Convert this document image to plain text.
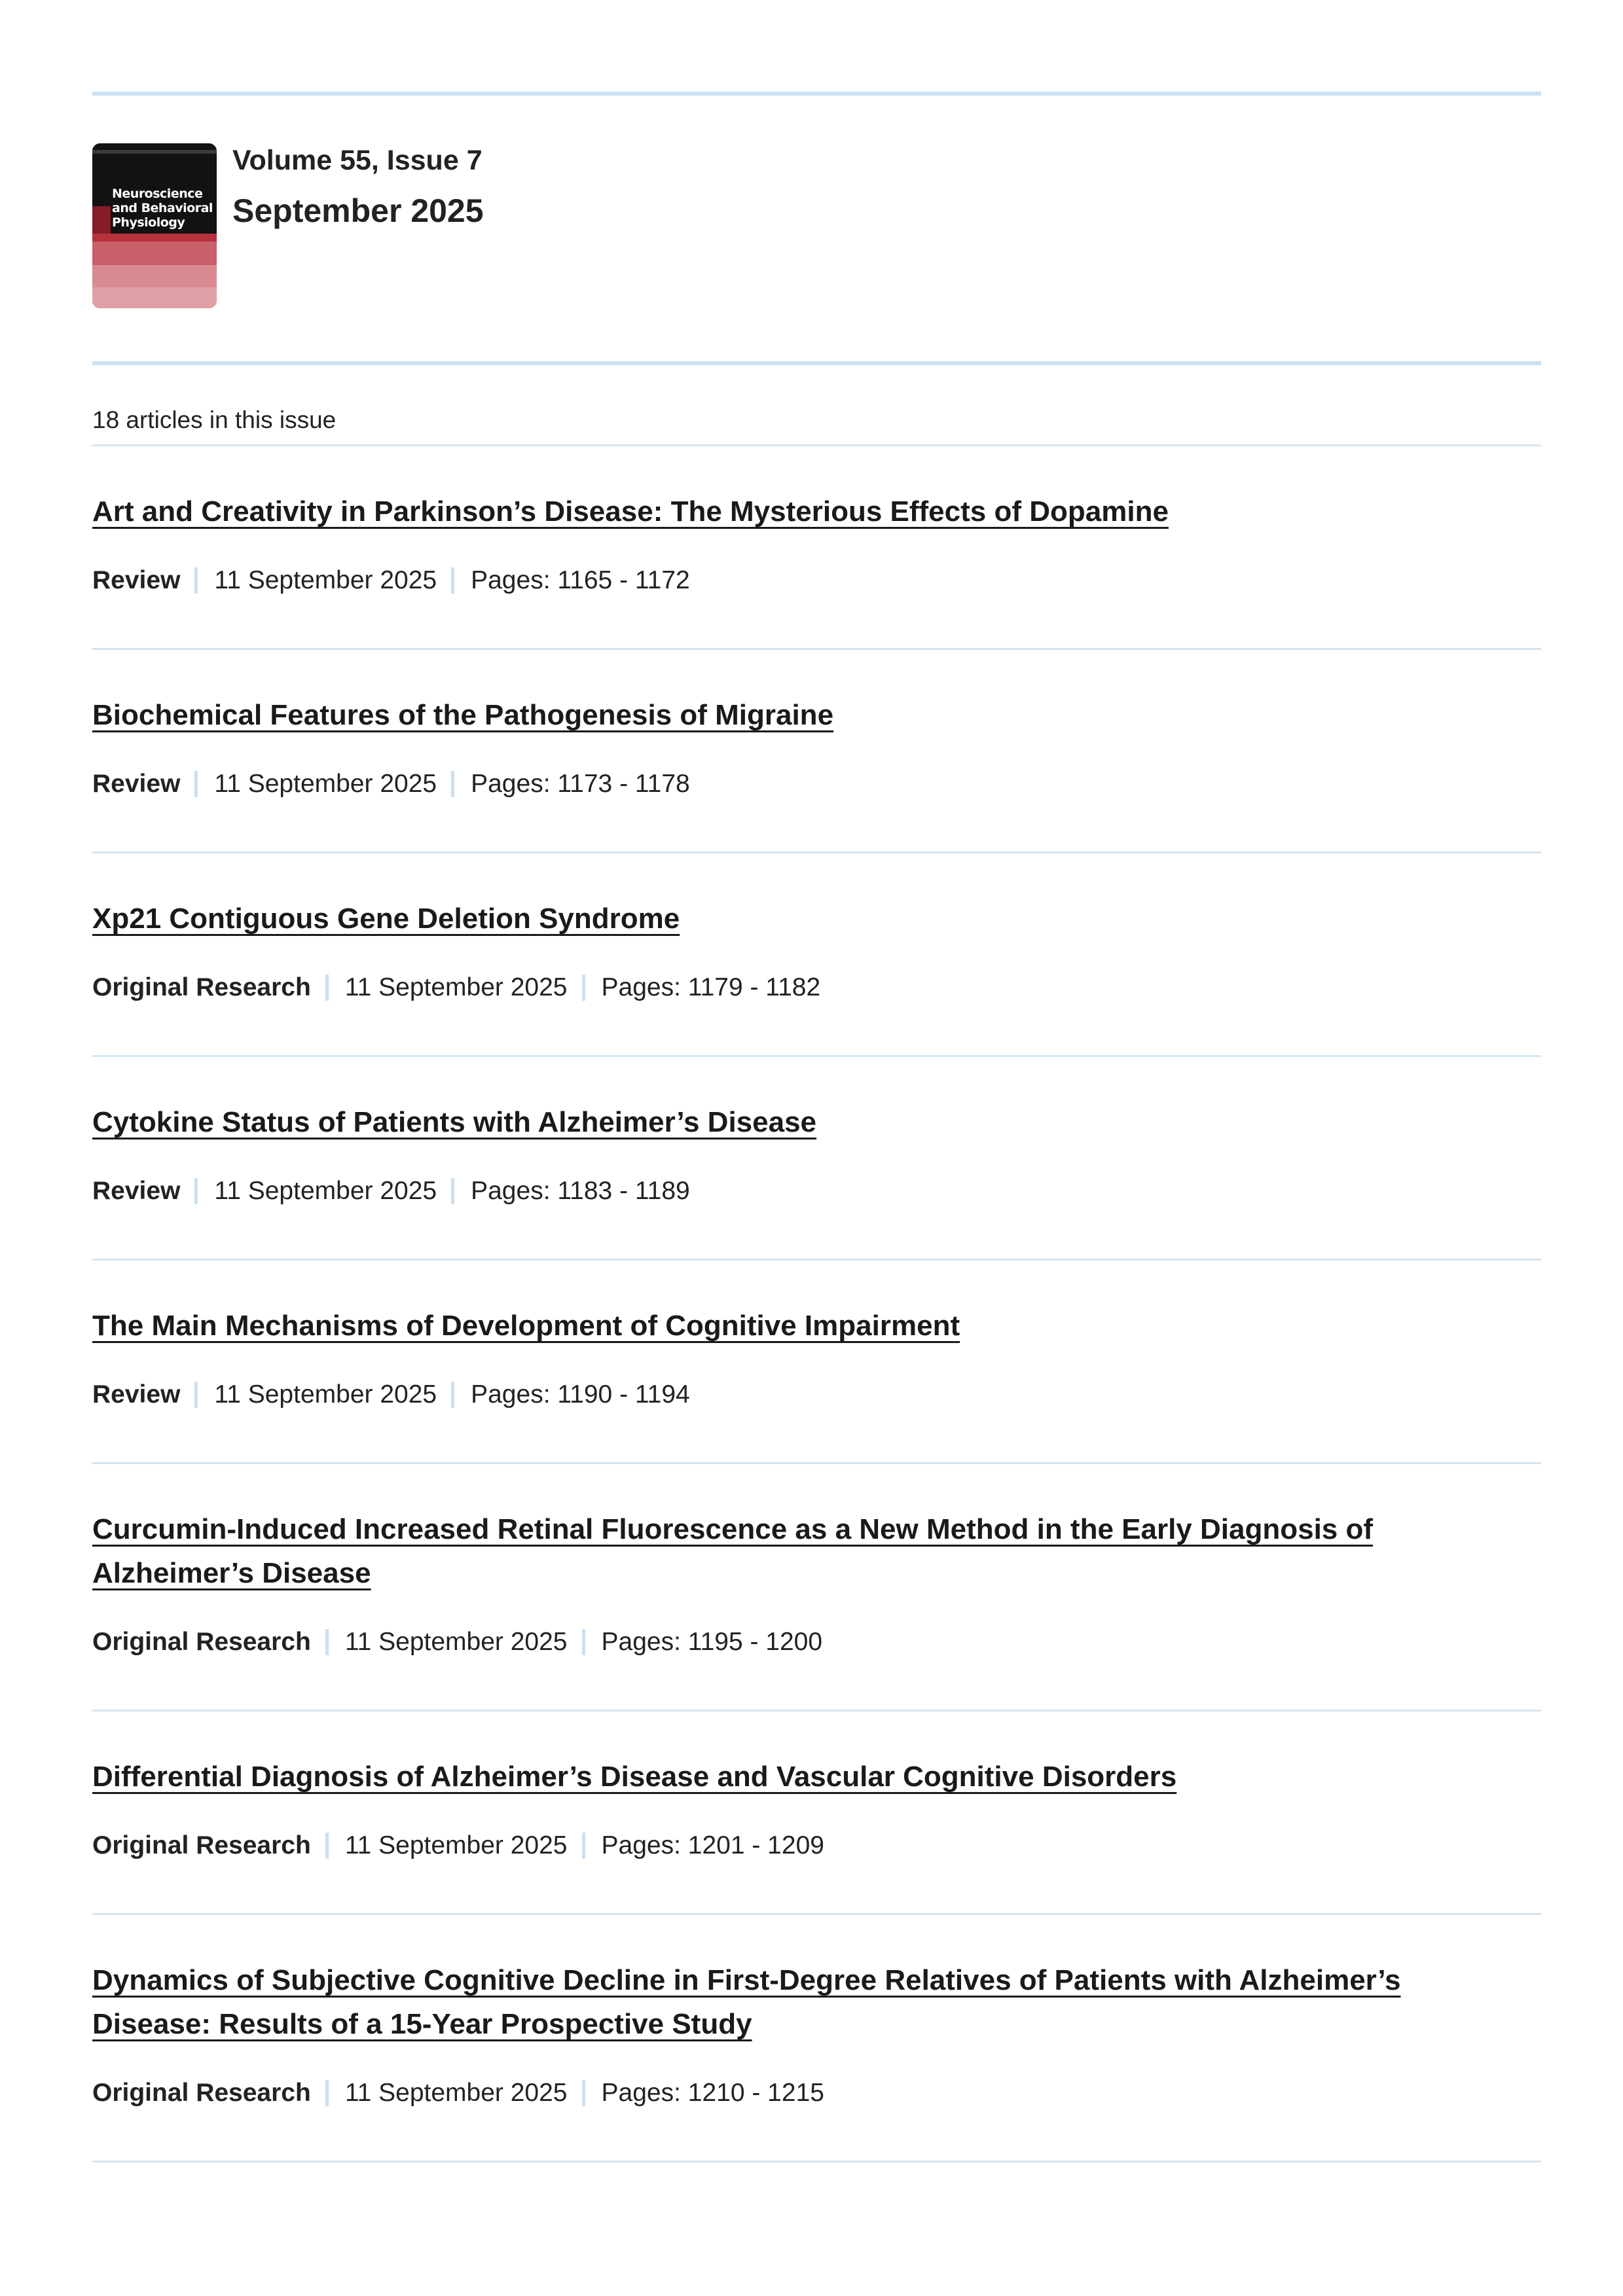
Neuroscience
and Behavioral
Physiology
Volume 55, Issue 7
September 2025
18 articles in this issue
Art and Creativity in Parkinson’s Disease: The Mysterious Effects of Dopamine
Review 11 September 2025 Pages: 1165 - 1172
Biochemical Features of the Pathogenesis of Migraine
Review 11 September 2025 Pages: 1173 - 1178
Xp21 Contiguous Gene Deletion Syndrome
Original Research 11 September 2025 Pages: 1179 - 1182
Cytokine Status of Patients with Alzheimer’s Disease
Review 11 September 2025 Pages: 1183 - 1189
The Main Mechanisms of Development of Cognitive Impairment
Review 11 September 2025 Pages: 1190 - 1194
Curcumin-Induced Increased Retinal Fluorescence as a New Method in the Early Diagnosis of Alzheimer’s Disease
Original Research 11 September 2025 Pages: 1195 - 1200
Differential Diagnosis of Alzheimer’s Disease and Vascular Cognitive Disorders
Original Research 11 September 2025 Pages: 1201 - 1209
Dynamics of Subjective Cognitive Decline in First-Degree Relatives of Patients with Alzheimer’s Disease: Results of a 15-Year Prospective Study
Original Research 11 September 2025 Pages: 1210 - 1215
